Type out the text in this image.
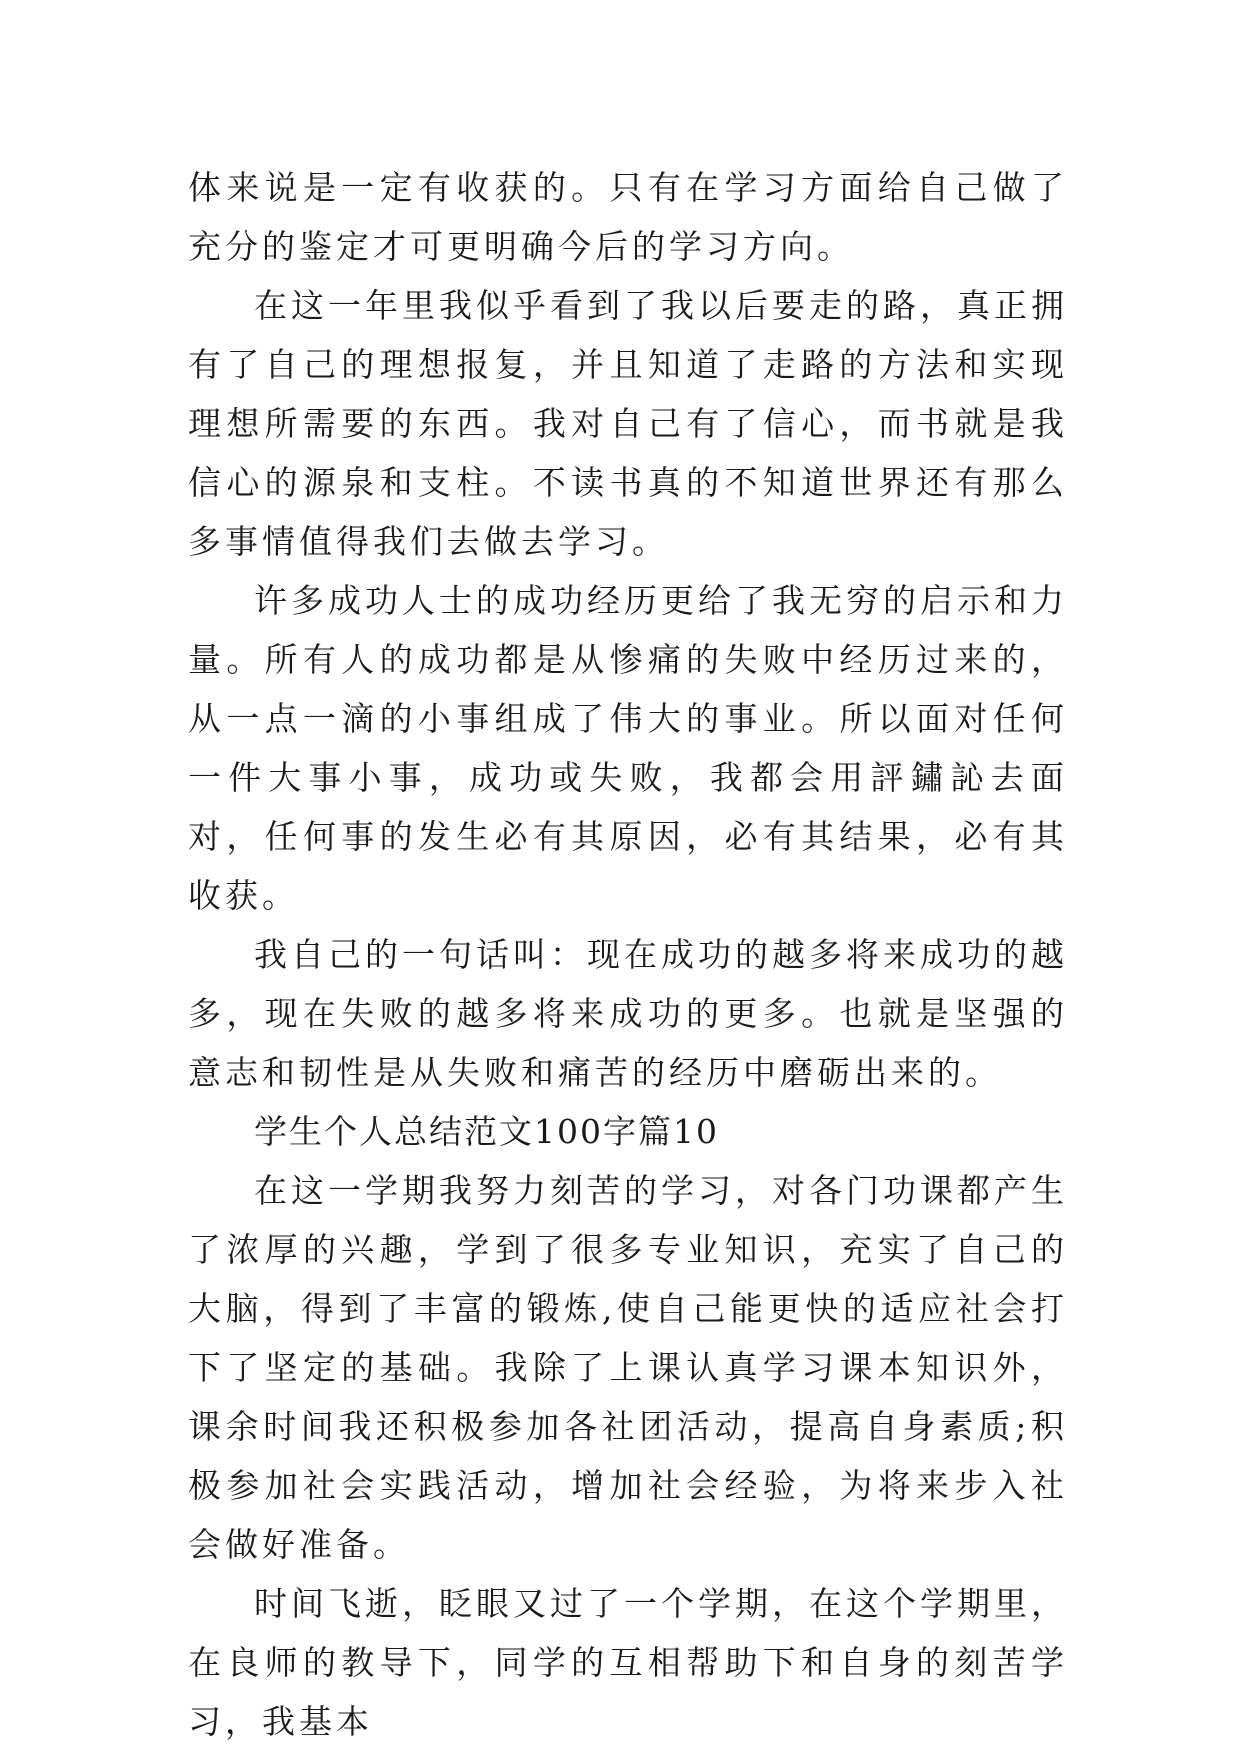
体来说是一定有收获的。只有在学习方面给自己做了充分的鉴定才可更明确今后的学习方向。

在这一年里我似乎看到了我以后要走的路，真正拥有了自己的理想报复，并且知道了走路的方法和实现理想所需要的东西。我对自己有了信心，而书就是我信心的源泉和支柱。不读书真的不知道世界还有那么多事情值得我们去做去学习。

许多成功人士的成功经历更给了我无穷的启示和力量。所有人的成功都是从惨痛的失败中经历过来的，从一点一滴的小事组成了伟大的事业。所以面对任何一件大事小事，成功或失败，我都会用評鏽訫去面对，任何事的发生必有其原因，必有其结果，必有其收获。

我自己的一句话叫：现在成功的越多将来成功的越多，现在失败的越多将来成功的更多。也就是坚强的意志和韧性是从失败和痛苦的经历中磨砺出来的。

学生个人总结范文100字篇10

在这一学期我努力刻苦的学习，对各门功课都产生了浓厚的兴趣，学到了很多专业知识，充实了自己的大脑，得到了丰富的锻炼,使自己能更快的适应社会打下了坚定的基础。我除了上课认真学习课本知识外，课余时间我还积极参加各社团活动，提高自身素质;积极参加社会实践活动，增加社会经验，为将来步入社会做好准备。

时间飞逝，眨眼又过了一个学期，在这个学期里，在良师的教导下，同学的互相帮助下和自身的刻苦学习，我基本
